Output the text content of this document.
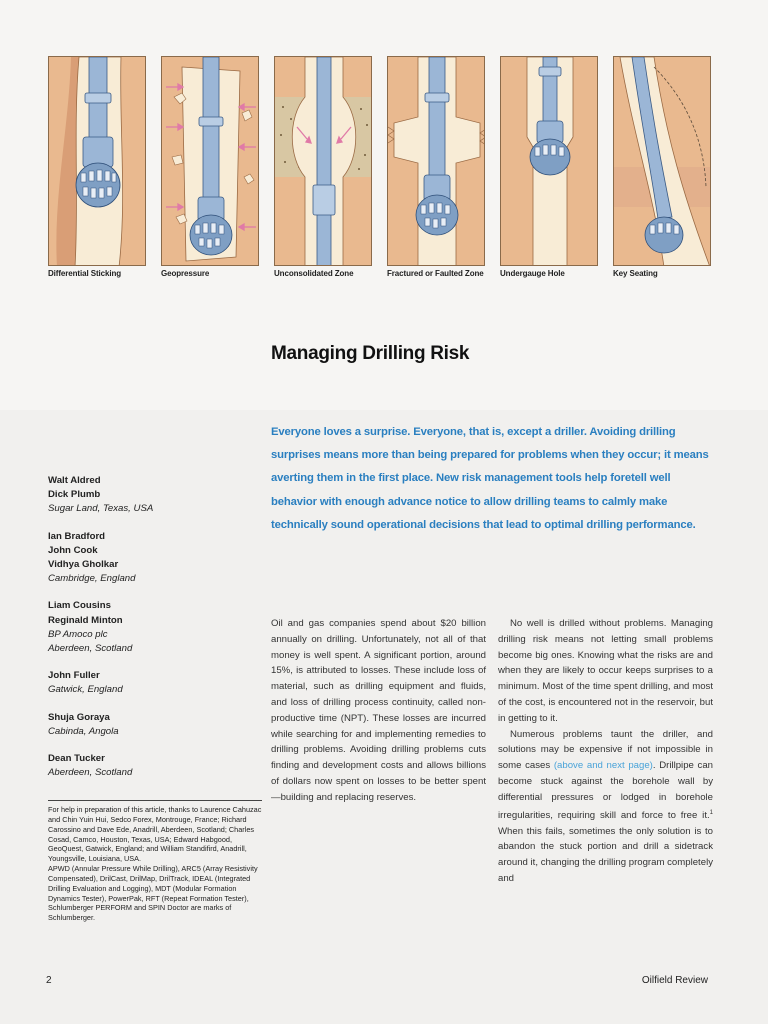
Differential Sticking	Geopressure	Unconsolidated Zone	Fractured or Faulted Zone Undergauge Hole	Key Seating
Managing Drilling Risk
Everyone loves a surprise. Everyone, that is, except a driller. Avoiding drilling surprises means more than being prepared for problems when they occur; it means averting them in the first place. New risk management tools help foretell well behavior with enough advance notice to allow drilling teams to calmly make technically sound operational decisions that lead to optimal drilling performance.
Walt Aldred
Dick Plumb
Sugar Land, Texas, USA
Ian Bradford
John Cook
Vidhya Gholkar
Cambridge, England
Liam Cousins
Reginald Minton
BP Amoco plc
Aberdeen, Scotland
John Fuller
Gatwick, England
Shuja Goraya
Cabinda, Angola
Dean Tucker
Aberdeen, Scotland
For help in preparation of this article, thanks to Laurence Cahuzac and Chin Yuin Hui, Sedco Forex, Montrouge, France; Richard Carossino and Dave Ede, Anadrill, Aberdeen, Scotland; Charles Cosad, Camco, Houston, Texas, USA; Edward Habgood, GeoQuest, Gatwick, England; and William Standifird, Anadrill, Youngsville, Louisiana, USA.
APWD (Annular Pressure While Drilling), ARC5 (Array Resistivity Compensated), DrilCast, DrilMap, DrilTrack, IDEAL (Integrated Drilling Evaluation and Logging), MDT (Modular Formation Dynamics Tester), PowerPak, RFT (Repeat Formation Tester), Schlumberger PERFORM and SPIN Doctor are marks of Schlumberger.

Oil and gas companies spend about $20 billion annually on drilling. Unfortunately, not all of that money is well spent. A significant portion, around 15%, is attributed to losses. These include loss of material, such as drilling equipment and fluids, and loss of drilling process continuity, called non-productive time (NPT). These losses are incurred while searching for and implementing remedies to drilling problems. Avoiding drilling problems cuts finding and development costs and allows billions of dollars now spent on losses to be better spent—building and replacing reserves.

No well is drilled without problems. Managing drilling risk means not letting small problems become big ones. Knowing what the risks are and when they are likely to occur keeps surprises to a minimum. Most of the time spent drilling, and most of the cost, is encountered not in the reservoir, but in getting to it.

Numerous problems taunt the driller, and solutions may be expensive if not impossible in some cases (above and next page). Drillpipe can become stuck against the borehole wall by differential pressures or lodged in borehole irregularities, requiring skill and force to free it.$^1$ When this fails, sometimes the only solution is to abandon the stuck portion and drill a sidetrack around it, changing the drilling program completely and

2	Oilfield Review
